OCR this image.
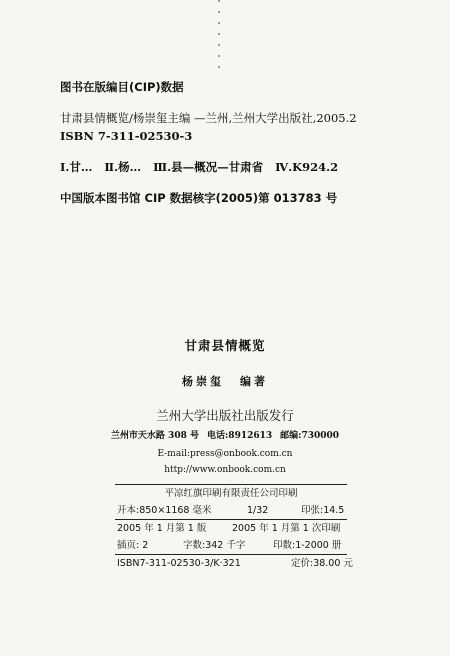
图书在版编目(CIP)数据
甘肃县情概览/杨崇玺主编 —兰州,兰州大学出版社,2005.2
ISBN 7-311-02530-3
Ⅰ.甘… Ⅱ.杨… Ⅲ.县—概况—甘肃省 Ⅳ.K924.2
中国版本图书馆 CIP 数据核字(2005)第 013783 号
甘肃县情概览
杨崇玺 编著
兰州大学出版社出版发行
兰州市天水路 308 号 电话:8912613 邮编:730000
E-mail:press@onbook.com.cn
http://www.onbook.com.cn
平凉红旗印刷有限责任公司印刷
开本:850×1168 毫米	1/32	印张:14.5
2005 年 1 月第 1 版	2005 年 1 月第 1 次印刷
插页: 2	字数:342 千字	印数:1-2000 册
ISBN7-311-02530-3/K·321	定价:38.00 元
